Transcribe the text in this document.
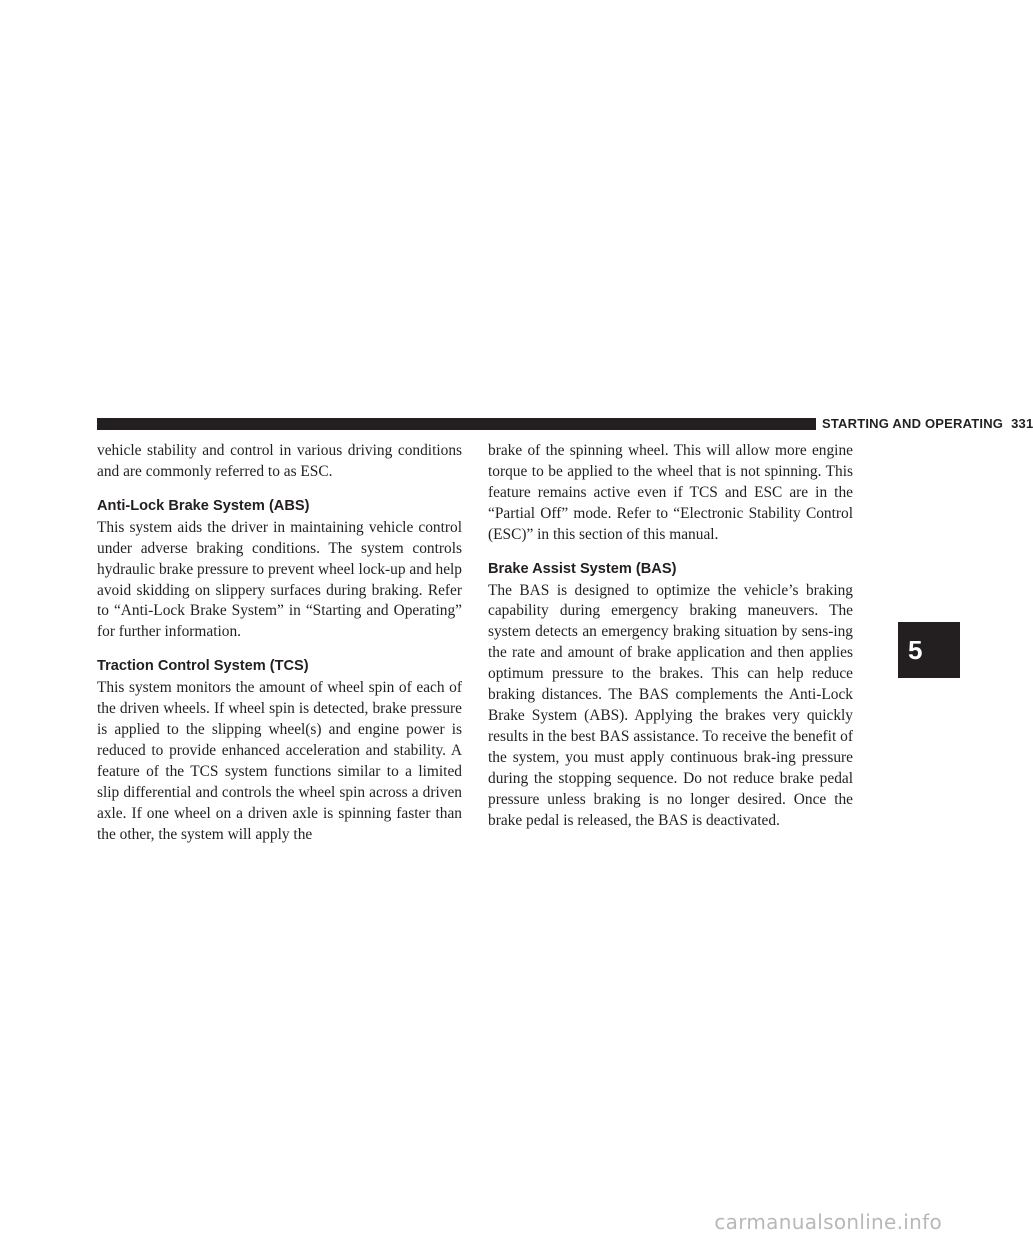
STARTING AND OPERATING 331

vehicle stability and control in various driving conditions and are commonly referred to as ESC.

Anti-Lock Brake System (ABS)

This system aids the driver in maintaining vehicle control under adverse braking conditions. The system controls hydraulic brake pressure to prevent wheel lock-up and help avoid skidding on slippery surfaces during braking. Refer to “Anti-Lock Brake System” in “Starting and Operating” for further information.

Traction Control System (TCS)

This system monitors the amount of wheel spin of each of the driven wheels. If wheel spin is detected, brake pressure is applied to the slipping wheel(s) and engine power is reduced to provide enhanced acceleration and stability. A feature of the TCS system functions similar to a limited slip differential and controls the wheel spin across a driven axle. If one wheel on a driven axle is spinning faster than the other, the system will apply the

brake of the spinning wheel. This will allow more engine torque to be applied to the wheel that is not spinning. This feature remains active even if TCS and ESC are in the “Partial Off” mode. Refer to “Electronic Stability Control (ESC)” in this section of this manual.

Brake Assist System (BAS)

The BAS is designed to optimize the vehicle’s braking capability during emergency braking maneuvers. The system detects an emergency braking situation by sens-ing the rate and amount of brake application and then applies optimum pressure to the brakes. This can help reduce braking distances. The BAS complements the Anti-Lock Brake System (ABS). Applying the brakes very quickly results in the best BAS assistance. To receive the benefit of the system, you must apply continuous brak-ing pressure during the stopping sequence. Do not reduce brake pedal pressure unless braking is no longer desired. Once the brake pedal is released, the BAS is deactivated.

5
carmanualsonline.info
